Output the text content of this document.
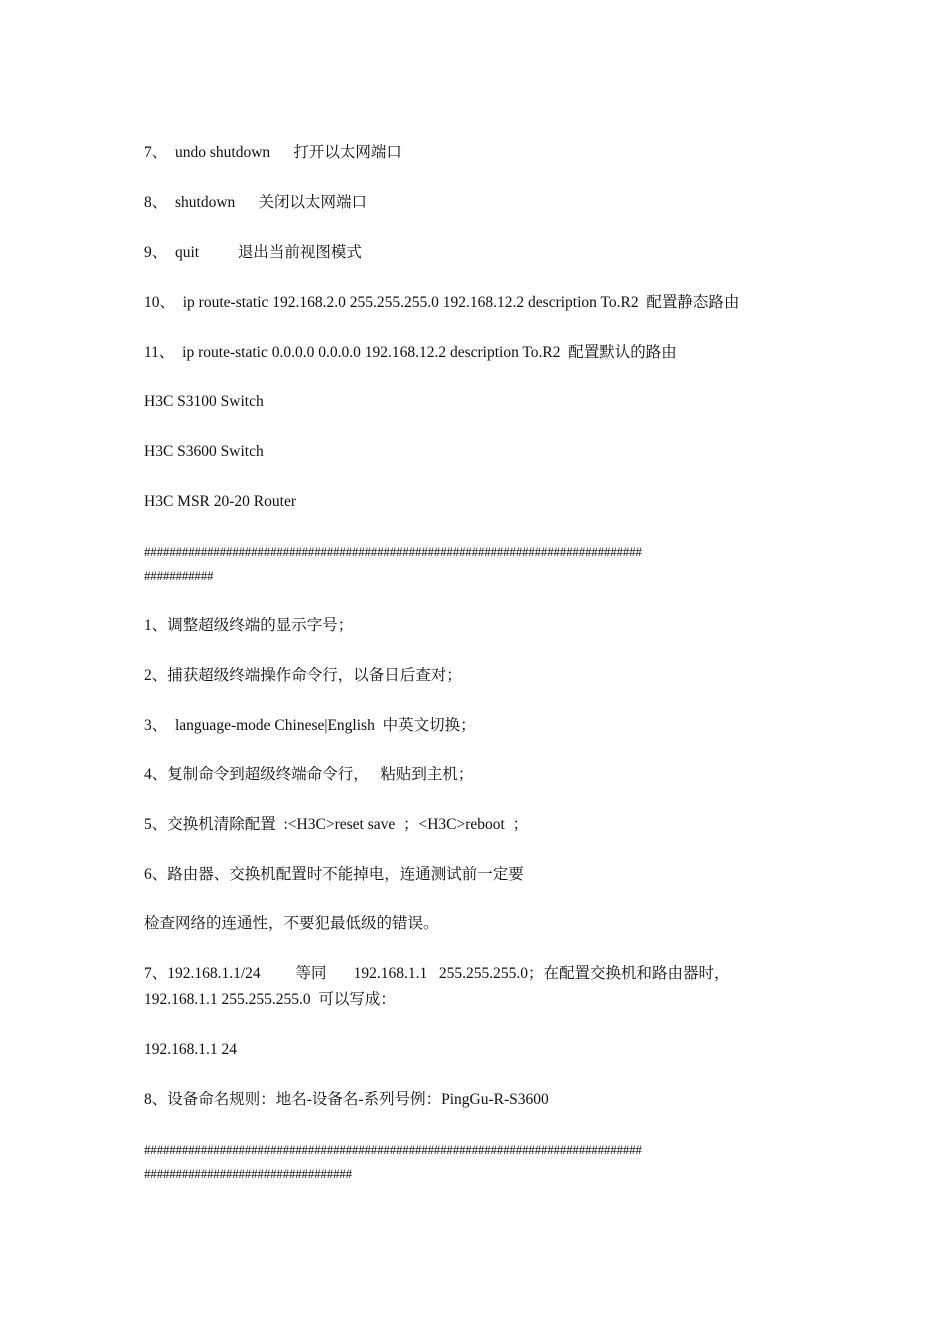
7、  undo shutdown      打开以太网端口
8、  shutdown      关闭以太网端口
9、  quit          退出当前视图模式
10、  ip route-static 192.168.2.0 255.255.255.0 192.168.12.2 description To.R2  配置静态路由
11、  ip route-static 0.0.0.0 0.0.0.0 192.168.12.2 description To.R2  配置默认的路由
H3C S3100 Switch
H3C S3600 Switch
H3C MSR 20-20 Router
###############################################################################
###########
1、调整超级终端的显示字号；
2、捕获超级终端操作命令行，以备日后查对；
3、  language-mode Chinese|English  中英文切换；
4、复制命令到超级终端命令行，   粘贴到主机；
5、交换机清除配置  :<H3C>reset save  ；<H3C>reboot  ；
6、路由器、交换机配置时不能掉电，连通测试前一定要
检查网络的连通性，不要犯最低级的错误。
7、192.168.1.1/24         等同       192.168.1.1   255.255.255.0；在配置交换机和路由器时，
192.168.1.1 255.255.255.0  可以写成：
192.168.1.1 24
8、设备命名规则：地名-设备名-系列号例：PingGu-R-S3600
###############################################################################
#################################
